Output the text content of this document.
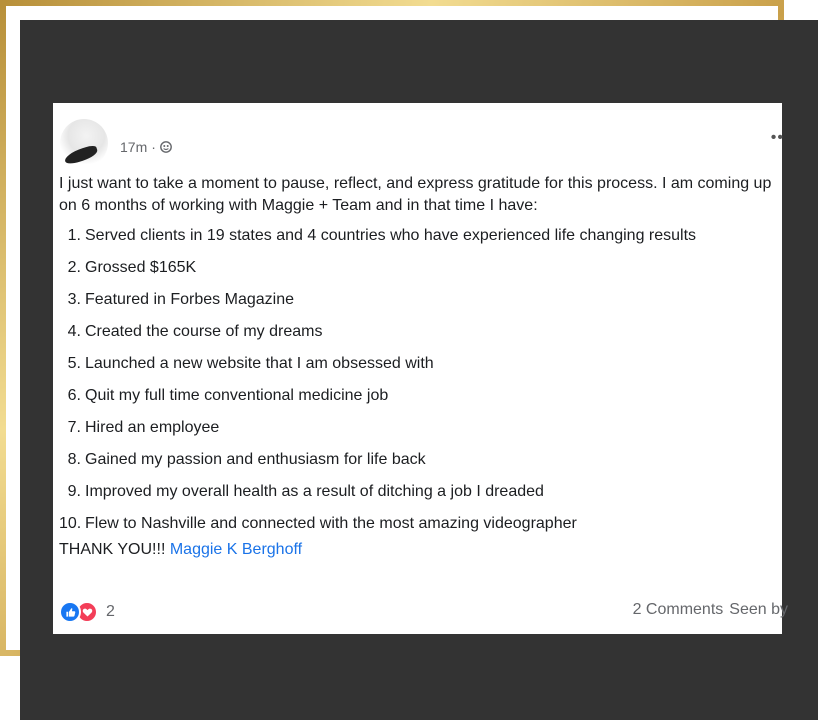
17m ·
••

I just want to take a moment to pause, reflect, and express gratitude for this process. I am coming up on 6 months of working with Maggie + Team and in that time I have:

1. Served clients in 19 states and 4 countries who have experienced life changing results
2. Grossed $165K
3. Featured in Forbes Magazine
4. Created the course of my dreams
5. Launched a new website that I am obsessed with
6. Quit my full time conventional medicine job
7. Hired an employee
8. Gained my passion and enthusiasm for life back
9. Improved my overall health as a result of ditching a job I dreaded
10. Flew to Nashville and connected with the most amazing videographer
THANK YOU!!! Maggie K Berghoff
2	2 Comments Seen by
